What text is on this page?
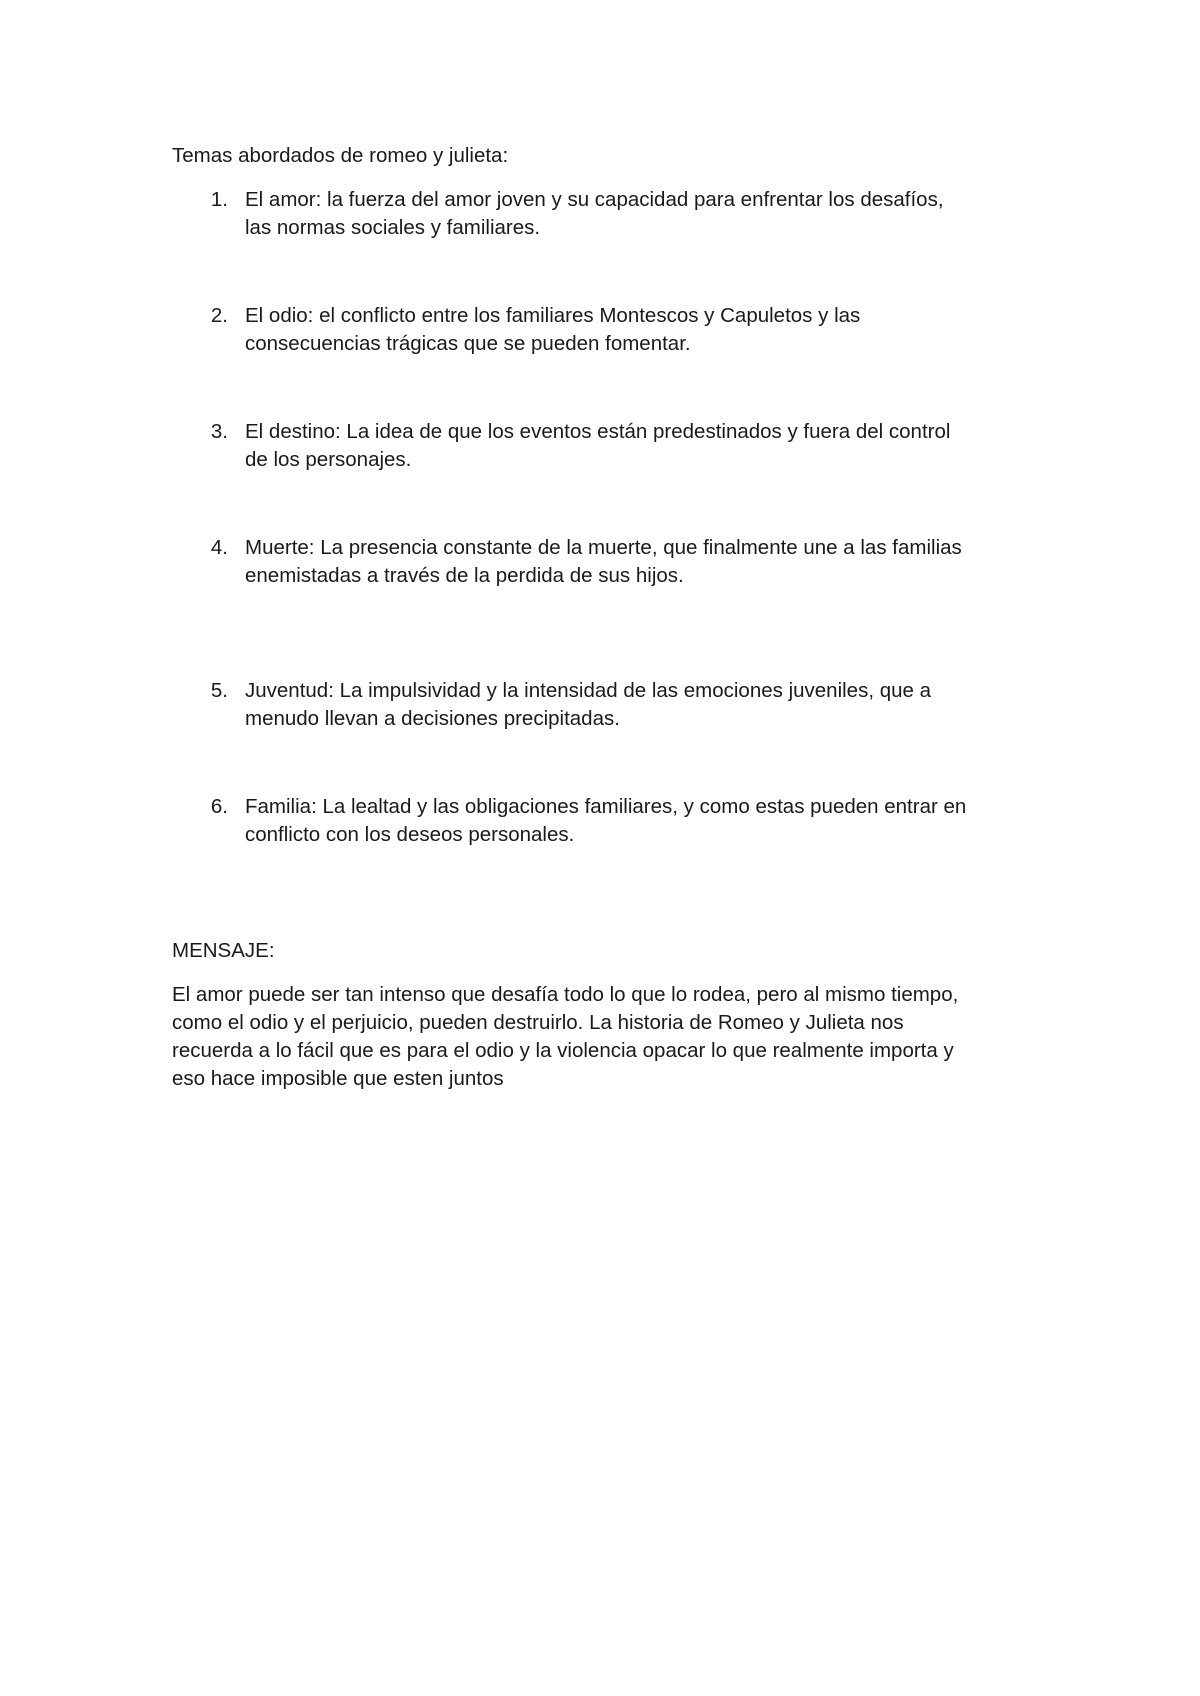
Temas abordados de romeo y julieta:
1. El amor: la fuerza del amor joven y su capacidad para enfrentar los desafíos,
las normas sociales y familiares.
2. El odio: el conflicto entre los familiares Montescos y Capuletos y las
consecuencias trágicas que se pueden fomentar.
3. El destino: La idea de que los eventos están predestinados y fuera del control
de los personajes.
4. Muerte: La presencia constante de la muerte, que finalmente une a las familias
enemistadas a través de la perdida de sus hijos.
5. Juventud: La impulsividad y la intensidad de las emociones juveniles, que a
menudo llevan a decisiones precipitadas.
6. Familia: La lealtad y las obligaciones familiares, y como estas pueden entrar en
conflicto con los deseos personales.
MENSAJE:
El amor puede ser tan intenso que desafía todo lo que lo rodea, pero al mismo tiempo,
como el odio y el perjuicio, pueden destruirlo. La historia de Romeo y Julieta nos
recuerda a lo fácil que es para el odio y la violencia opacar lo que realmente importa y
eso hace imposible que esten juntos
